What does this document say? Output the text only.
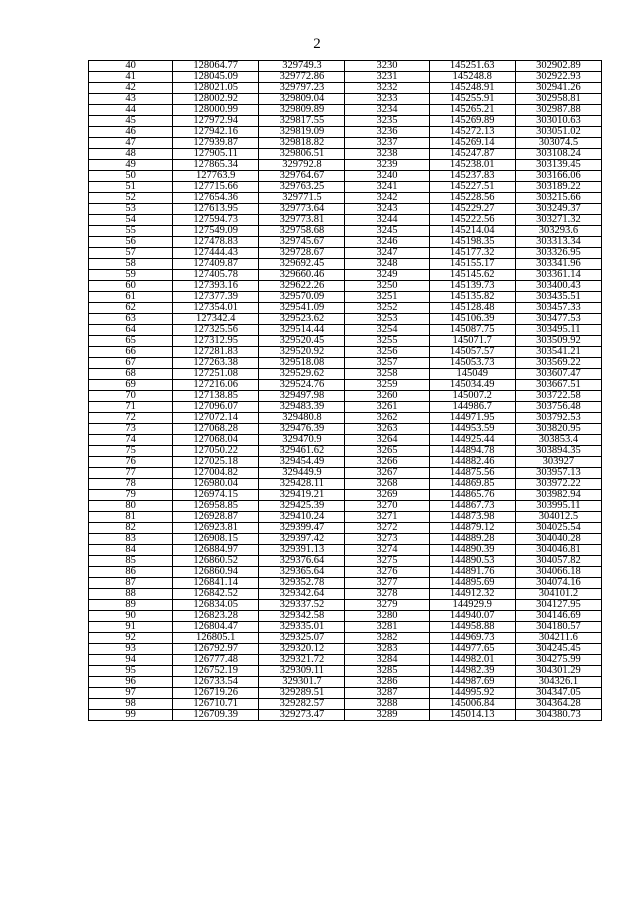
2
40	128064.77	329749.3	3230	145251.63	302902.89
41	128045.09	329772.86	3231	145248.8	302922.93
42	128021.05	329797.23	3232	145248.91	302941.26
43	128002.92	329809.04	3233	145255.91	302958.81
44	128000.99	329809.89	3234	145265.21	302987.88
45	127972.94	329817.55	3235	145269.89	303010.63
46	127942.16	329819.09	3236	145272.13	303051.02
47	127939.87	329818.82	3237	145269.14	303074.5
48	127905.11	329806.51	3238	145247.87	303108.24
49	127865.34	329792.8	3239	145238.01	303139.45
50	127763.9	329764.67	3240	145237.83	303166.06
51	127715.66	329763.25	3241	145227.51	303189.22
52	127654.36	329771.5	3242	145228.56	303215.66
53	127613.95	329773.64	3243	145229.27	303249.37
54	127594.73	329773.81	3244	145222.56	303271.32
55	127549.09	329758.68	3245	145214.04	303293.6
56	127478.83	329745.67	3246	145198.35	303313.34
57	127444.43	329728.67	3247	145177.32	303326.95
58	127409.87	329692.45	3248	145155.17	303341.96
59	127405.78	329660.46	3249	145145.62	303361.14
60	127393.16	329622.26	3250	145139.73	303400.43
61	127377.39	329570.09	3251	145135.82	303435.51
62	127354.01	329541.09	3252	145128.48	303457.33
63	127342.4	329523.62	3253	145106.39	303477.53
64	127325.56	329514.44	3254	145087.75	303495.11
65	127312.95	329520.45	3255	145071.7	303509.92
66	127281.83	329520.92	3256	145057.57	303541.21
67	127263.38	329518.08	3257	145053.73	303569.22
68	127251.08	329529.62	3258	145049	303607.47
69	127216.06	329524.76	3259	145034.49	303667.51
70	127138.85	329497.98	3260	145007.2	303722.58
71	127096.07	329483.39	3261	144986.7	303756.48
72	127072.14	329480.8	3262	144971.95	303792.53
73	127068.28	329476.39	3263	144953.59	303820.95
74	127068.04	329470.9	3264	144925.44	303853.4
75	127050.22	329461.62	3265	144894.78	303894.35
76	127025.18	329454.49	3266	144882.46	303927
77	127004.82	329449.9	3267	144875.56	303957.13
78	126980.04	329428.11	3268	144869.85	303972.22
79	126974.15	329419.21	3269	144865.76	303982.94
80	126958.85	329425.39	3270	144867.73	303995.11
81	126928.87	329410.24	3271	144873.98	304012.5
82	126923.81	329399.47	3272	144879.12	304025.54
83	126908.15	329397.42	3273	144889.28	304040.28
84	126884.97	329391.13	3274	144890.39	304046.81
85	126860.52	329376.64	3275	144890.53	304057.82
86	126860.94	329365.64	3276	144891.76	304066.18
87	126841.14	329352.78	3277	144895.69	304074.16
88	126842.52	329342.64	3278	144912.32	304101.2
89	126834.05	329337.52	3279	144929.9	304127.95
90	126823.28	329342.58	3280	144940.07	304146.69
91	126804.47	329335.01	3281	144958.88	304180.57
92	126805.1	329325.07	3282	144969.73	304211.6
93	126792.97	329320.12	3283	144977.65	304245.45
94	126777.48	329321.72	3284	144982.01	304275.99
95	126752.19	329309.11	3285	144982.39	304301.29
96	126733.54	329301.7	3286	144987.69	304326.1
97	126719.26	329289.51	3287	144995.92	304347.05
98	126710.71	329282.57	3288	145006.84	304364.28
99	126709.39	329273.47	3289	145014.13	304380.73
